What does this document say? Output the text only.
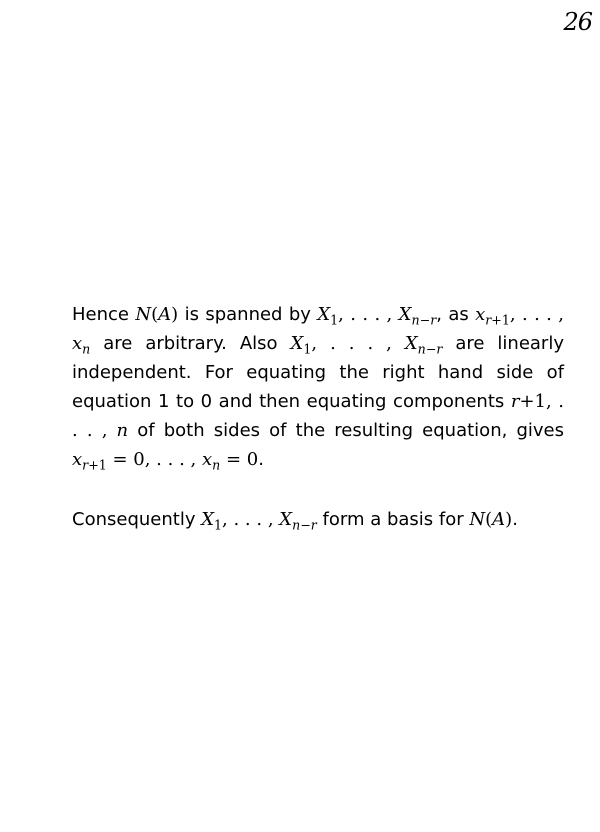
26

Hence N(A) is spanned by $X_1$, . . . , $X_{n-r}$, as $x_{r+1}$, . . . , $x_n$ are arbitrary. Also $X_1$, . . . , $X_{n-r}$ are linearly independent. For equating the right hand side of equation 1 to 0 and then equating components r+1, . . . , n of both sides of the resulting equation, gives $x_{r+1} = 0$, . . . , $x_n = 0$.

Consequently $X_1$, . . . , $X_{n-r}$ form a basis for N(A).
